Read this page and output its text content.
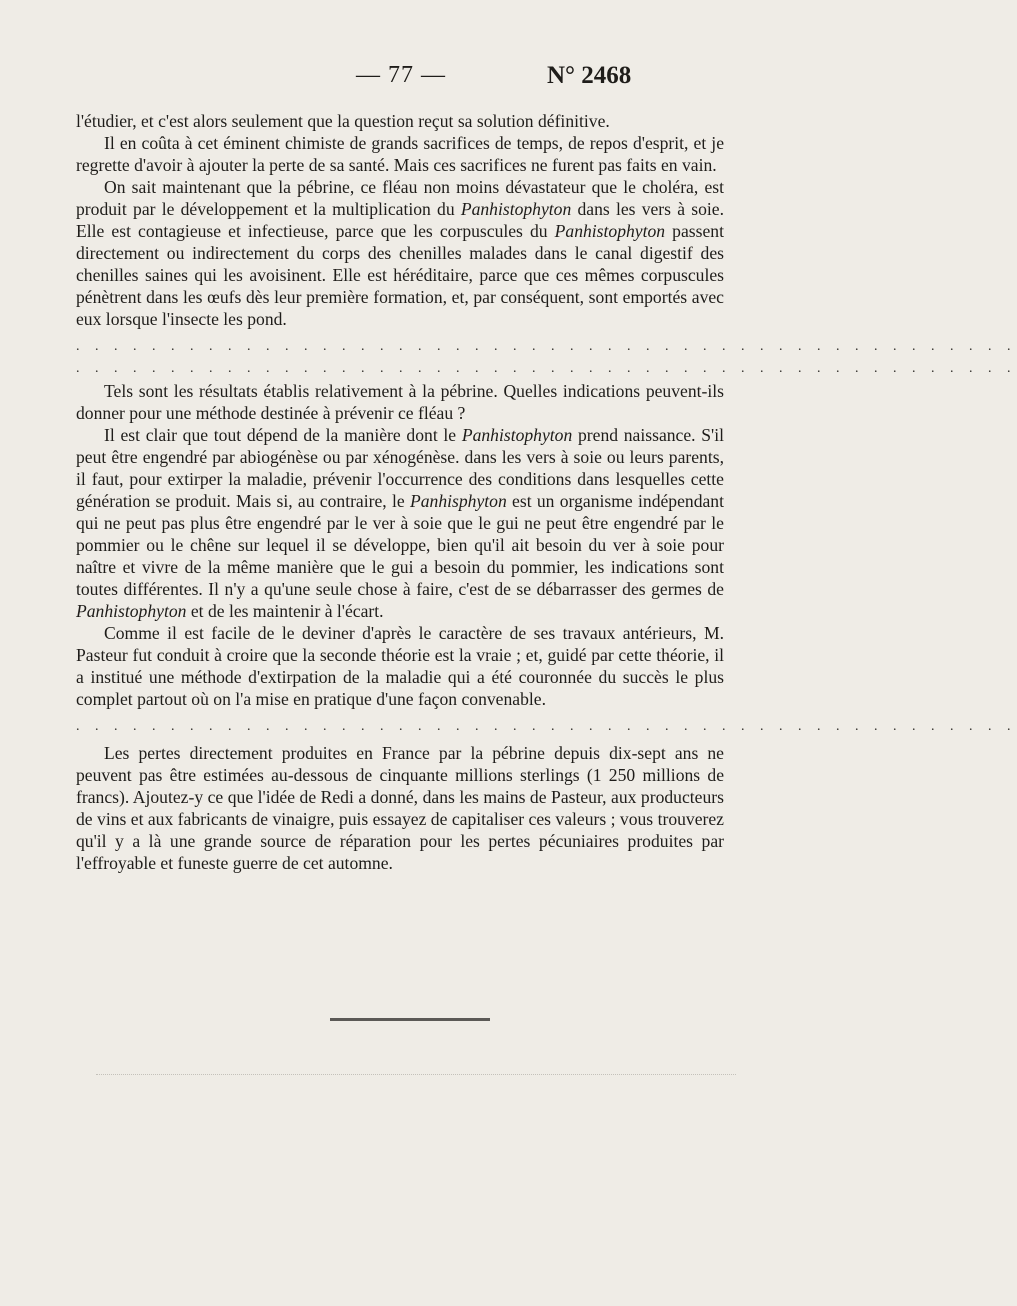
— 77 —	N° 2468

l'étudier, et c'est alors seulement que la question reçut sa solution définitive.

Il en coûta à cet éminent chimiste de grands sacrifices de temps, de repos d'esprit, et je regrette d'avoir à ajouter la perte de sa santé. Mais ces sacrifices ne furent pas faits en vain.

On sait maintenant que la pébrine, ce fléau non moins dévastateur que le choléra, est produit par le développement et la multiplication du Panhistophyton dans les vers à soie. Elle est contagieuse et infectieuse, parce que les corpuscules du Panhistophyton passent directement ou indirectement du corps des chenilles malades dans le canal digestif des chenilles saines qui les avoisinent. Elle est héréditaire, parce que ces mêmes corpuscules pénètrent dans les œufs dès leur première formation, et, par conséquent, sont emportés avec eux lorsque l'insecte les pond.

. . . . . . . . . . . . . . . . . . . . . . . . . . . . . . . . . . . . . . . . . . . . . . . . . .
. . . . . . . . . . . . . . . . . . . . . . . . . . . . . . . . . . . . . . . . . . . . . . . . . .

Tels sont les résultats établis relativement à la pébrine. Quelles indications peuvent-ils donner pour une méthode destinée à prévenir ce fléau ?

Il est clair que tout dépend de la manière dont le Panhistophyton prend naissance. S'il peut être engendré par abiogénèse ou par xénogénèse. dans les vers à soie ou leurs parents, il faut, pour extirper la maladie, prévenir l'occurrence des conditions dans lesquelles cette génération se produit. Mais si, au contraire, le Panhisphyton est un organisme indépendant qui ne peut pas plus être engendré par le ver à soie que le gui ne peut être engendré par le pommier ou le chêne sur lequel il se développe, bien qu'il ait besoin du ver à soie pour naître et vivre de la même manière que le gui a besoin du pommier, les indications sont toutes différentes. Il n'y a qu'une seule chose à faire, c'est de se débarrasser des germes de Panhistophyton et de les maintenir à l'écart.

Comme il est facile de le deviner d'après le caractère de ses travaux antérieurs, M. Pasteur fut conduit à croire que la seconde théorie est la vraie ; et, guidé par cette théorie, il a institué une méthode d'extirpation de la maladie qui a été couronnée du succès le plus complet partout où on l'a mise en pratique d'une façon convenable.

. . . . . . . . . . . . . . . . . . . . . . . . . . . . . . . . . . . . . . . . . . . . . . . . . .

Les pertes directement produites en France par la pébrine depuis dix-sept ans ne peuvent pas être estimées au-dessous de cinquante millions sterlings (1 250 millions de francs). Ajoutez-y ce que l'idée de Redi a donné, dans les mains de Pasteur, aux producteurs de vins et aux fabricants de vinaigre, puis essayez de capitaliser ces valeurs ; vous trouverez qu'il y a là une grande source de réparation pour les pertes pécuniaires produites par l'effroyable et funeste guerre de cet automne.
